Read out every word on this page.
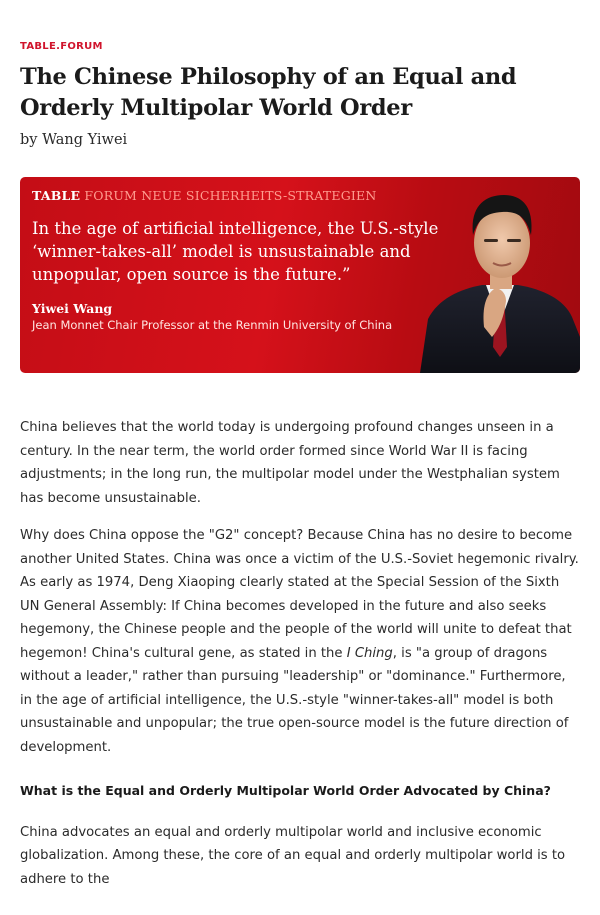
TABLE.FORUM
The Chinese Philosophy of an Equal and Orderly Multipolar World Order
by Wang Yiwei
TABLE FORUM NEUE SICHERHEITS-STRATEGIEN
In the age of artificial intelligence, the U.S.-style ‘winner-takes-all’ model is unsustainable and unpopular, open source is the future.”
Yiwei Wang
Jean Monnet Chair Professor at the Renmin University of China

China believes that the world today is undergoing profound changes unseen in a century. In the near term, the world order formed since World War II is facing adjustments; in the long run, the multipolar model under the Westphalian system has become unsustainable.

Why does China oppose the "G2" concept? Because China has no desire to become another United States. China was once a victim of the U.S.-Soviet hegemonic rivalry. As early as 1974, Deng Xiaoping clearly stated at the Special Session of the Sixth UN General Assembly: If China becomes developed in the future and also seeks hegemony, the Chinese people and the people of the world will unite to defeat that hegemon! China's cultural gene, as stated in the I Ching, is "a group of dragons without a leader," rather than pursuing "leadership" or "dominance." Furthermore, in the age of artificial intelligence, the U.S.-style "winner-takes-all" model is both unsustainable and unpopular; the true open-source model is the future direction of development.

What is the Equal and Orderly Multipolar World Order Advocated by China?

China advocates an equal and orderly multipolar world and inclusive economic globalization. Among these, the core of an equal and orderly multipolar world is to adhere to the
